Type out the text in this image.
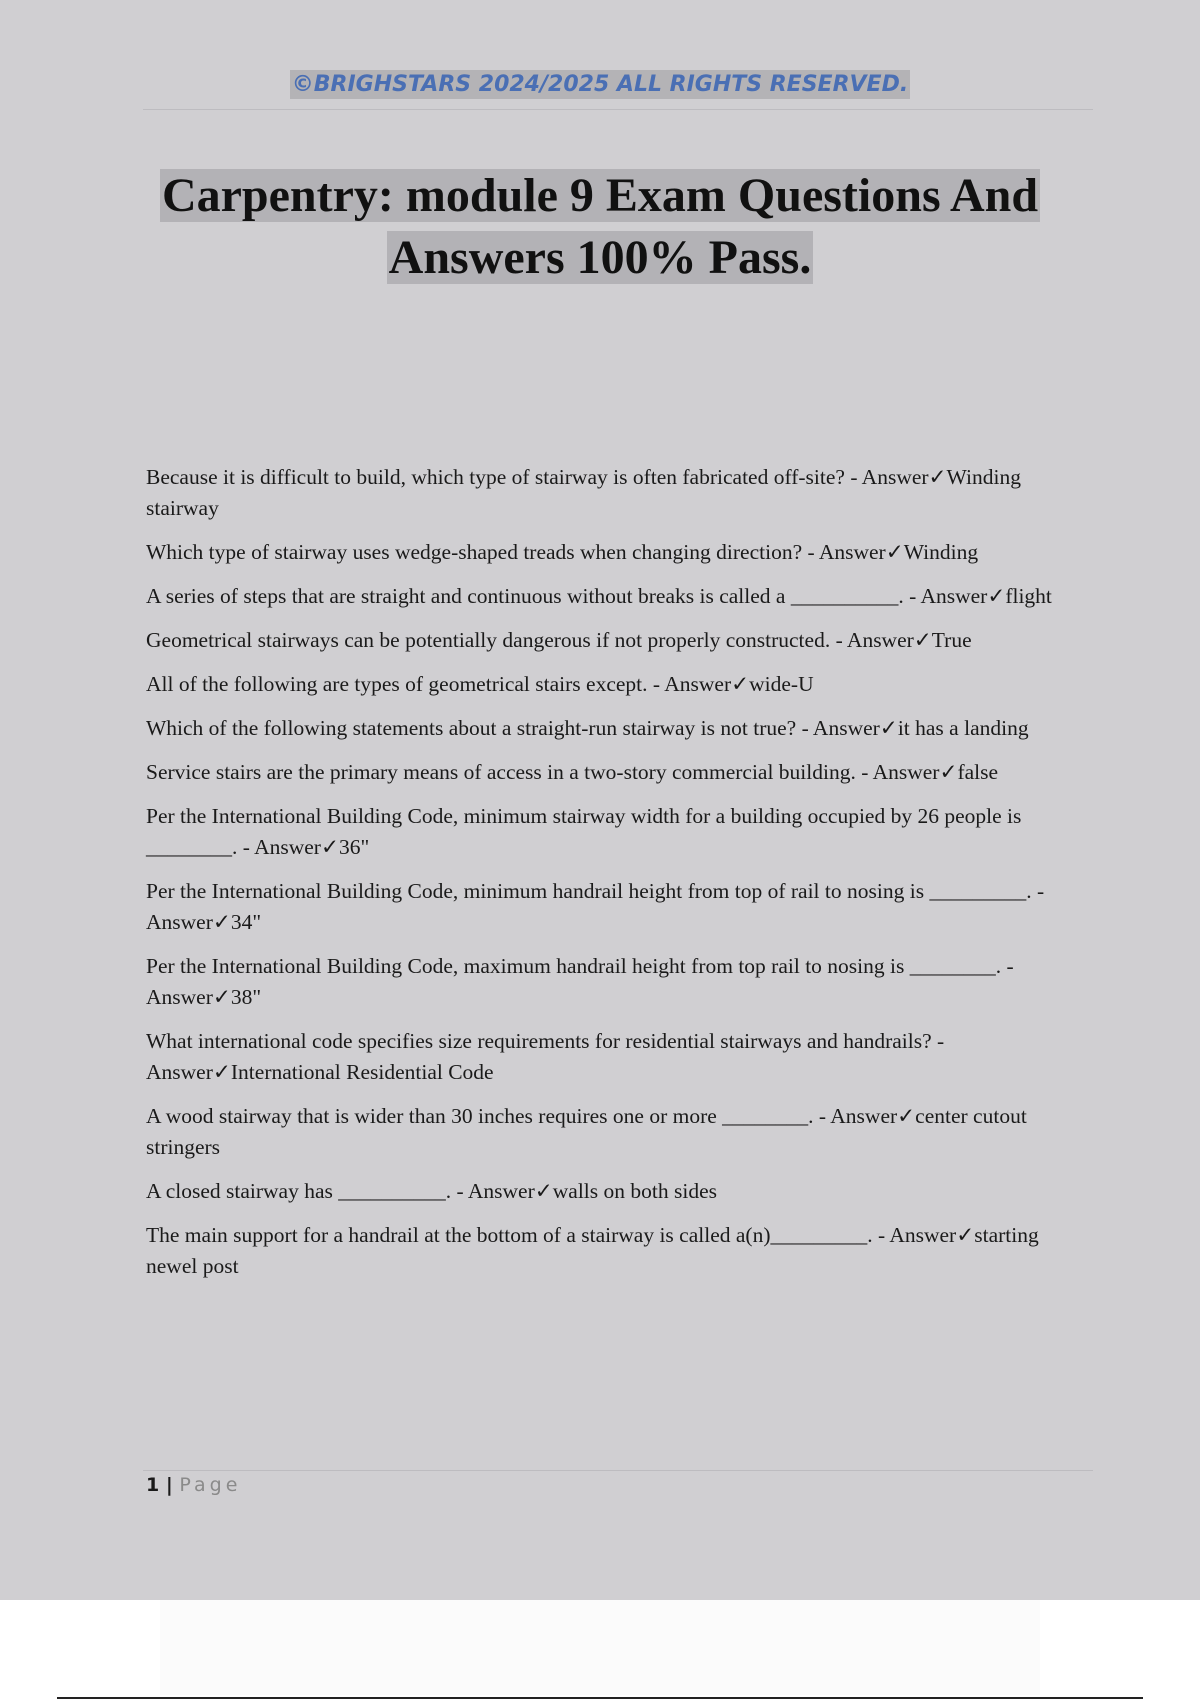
©BRIGHSTARS 2024/2025 ALL RIGHTS RESERVED.
Carpentry: module 9 Exam Questions And
Answers 100% Pass.

Because it is difficult to build, which type of stairway is often fabricated off-site? - Answer✓Winding stairway

Which type of stairway uses wedge-shaped treads when changing direction? - Answer✓Winding

A series of steps that are straight and continuous without breaks is called a __________. - Answer✓flight

Geometrical stairways can be potentially dangerous if not properly constructed. - Answer✓True

All of the following are types of geometrical stairs except. - Answer✓wide-U

Which of the following statements about a straight-run stairway is not true? - Answer✓it has a landing

Service stairs are the primary means of access in a two-story commercial building. - Answer✓false

Per the International Building Code, minimum stairway width for a building occupied by 26 people is ________. - Answer✓36"

Per the International Building Code, minimum handrail height from top of rail to nosing is _________. - Answer✓34"

Per the International Building Code, maximum handrail height from top rail to nosing is ________. - Answer✓38"

What international code specifies size requirements for residential stairways and handrails? - Answer✓International Residential Code

A wood stairway that is wider than 30 inches requires one or more ________. - Answer✓center cutout stringers

A closed stairway has __________. - Answer✓walls on both sides

The main support for a handrail at the bottom of a stairway is called a(n)_________. - Answer✓starting newel post

1 | Page
